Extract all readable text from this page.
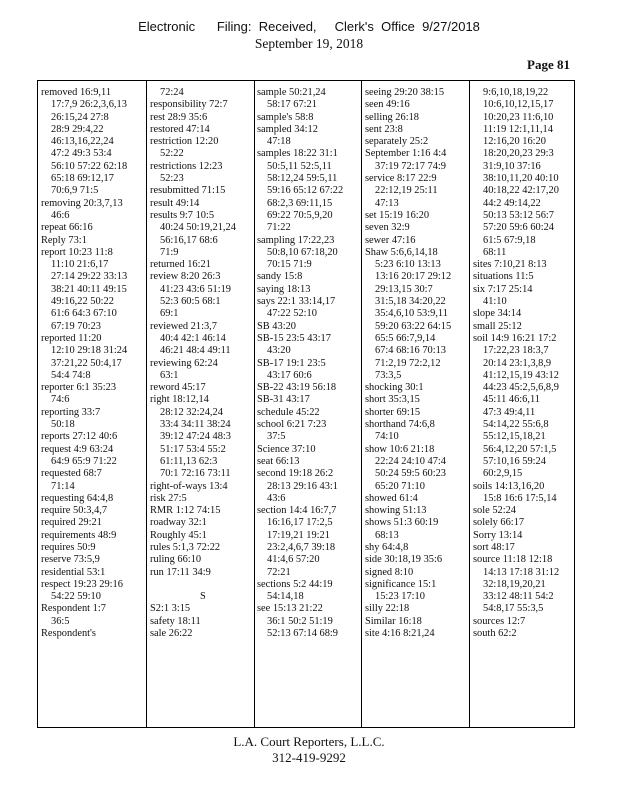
Electronic      Filing:  Received,     Clerk's  Office  9/27/2018
September 19, 2018
Page 81
removed 16:9,11
17:7,9 26:2,3,6,13
26:15,24 27:8
28:9 29:4,22
46:13,16,22,24
47:2 49:3 53:4
56:10 57:22 62:18
65:18 69:12,17
70:6,9 71:5
removing 20:3,7,13
46:6
repeat 66:16
Reply 73:1
report 10:23 11:8
11:10 21:6,17
27:14 29:22 33:13
38:21 40:11 49:15
49:16,22 50:22
61:6 64:3 67:10
67:19 70:23
reported 11:20
12:10 29:18 31:24
37:21,22 50:4,17
54:4 74:8
reporter 6:1 35:23
74:6
reporting 33:7
50:18
reports 27:12 40:6
request 4:9 63:24
64:9 65:9 71:22
requested 68:7
71:14
requesting 64:4,8
require 50:3,4,7
required 29:21
requirements 48:9
requires 50:9
reserve 73:5,9
residential 53:1
respect 19:23 29:16
54:22 59:10
Respondent 1:7
36:5
Respondent's
72:24
responsibility 72:7
rest 28:9 35:6
restored 47:14
restriction 12:20
52:22
restrictions 12:23
52:23
resubmitted 71:15
result 49:14
results 9:7 10:5
40:24 50:19,21,24
56:16,17 68:6
71:9
returned 16:21
review 8:20 26:3
41:23 43:6 51:19
52:3 60:5 68:1
69:1
reviewed 21:3,7
40:4 42:1 46:14
46:21 48:4 49:11
reviewing 62:24
63:1
reword 45:17
right 18:12,14
28:12 32:24,24
33:4 34:11 38:24
39:12 47:24 48:3
51:17 53:4 55:2
61:11,13 62:3
70:1 72:16 73:11
right-of-ways 13:4
risk 27:5
RMR 1:12 74:15
roadway 32:1
Roughly 45:1
rules 5:1,3 72:22
ruling 66:10
run 17:11 34:9
S
S2:1 3:15
safety 18:11
sale 26:22
sample 50:21,24
58:17 67:21
sample's 58:8
sampled 34:12
47:18
samples 18:22 31:1
50:5,11 52:5,11
58:12,24 59:5,11
59:16 65:12 67:22
68:2,3 69:11,15
69:22 70:5,9,20
71:22
sampling 17:22,23
50:8,10 67:18,20
70:15 71:9
sandy 15:8
saying 18:13
says 22:1 33:14,17
47:22 52:10
SB 43:20
SB-15 23:5 43:17
43:20
SB-17 19:1 23:5
43:17 60:6
SB-22 43:19 56:18
SB-31 43:17
schedule 45:22
school 6:21 7:23
37:5
Science 37:10
seat 66:13
second 19:18 26:2
28:13 29:16 43:1
43:6
section 14:4 16:7,7
16:16,17 17:2,5
17:19,21 19:21
23:2,4,6,7 39:18
41:4,6 57:20
72:21
sections 5:2 44:19
54:14,18
see 15:13 21:22
36:1 50:2 51:19
52:13 67:14 68:9
seeing 29:20 38:15
seen 49:16
selling 26:18
sent 23:8
separately 25:2
September 1:16 4:4
37:19 72:17 74:9
service 8:17 22:9
22:12,19 25:11
47:13
set 15:19 16:20
seven 32:9
sewer 47:16
Shaw 5:6,6,14,18
5:23 6:10 13:13
13:16 20:17 29:12
29:13,15 30:7
31:5,18 34:20,22
35:4,6,10 53:9,11
59:20 63:22 64:15
65:5 66:7,9,14
67:4 68:16 70:13
71:2,19 72:2,12
73:3,5
shocking 30:1
short 35:3,15
shorter 69:15
shorthand 74:6,8
74:10
show 10:6 21:18
22:24 24:10 47:4
50:24 59:5 60:23
65:20 71:10
showed 61:4
showing 51:13
shows 51:3 60:19
68:13
shy 64:4,8
side 30:18,19 35:6
signed 8:10
significance 15:1
15:23 17:10
silly 22:18
Similar 16:18
site 4:16 8:21,24
9:6,10,18,19,22
10:6,10,12,15,17
10:20,23 11:6,10
11:19 12:1,11,14
12:16,20 16:20
18:20,20,23 29:3
31:9,10 37:16
38:10,11,20 40:10
40:18,22 42:17,20
44:2 49:14,22
50:13 53:12 56:7
57:20 59:6 60:24
61:5 67:9,18
68:11
sites 7:10,21 8:13
situations 11:5
six 7:17 25:14
41:10
slope 34:14
small 25:12
soil 14:9 16:21 17:2
17:22,23 18:3,7
20:14 23:1,3,8,9
41:12,15,19 43:12
44:23 45:2,5,6,8,9
45:11 46:6,11
47:3 49:4,11
54:14,22 55:6,8
55:12,15,18,21
56:4,12,20 57:1,5
57:10,16 59:24
60:2,9,15
soils 14:13,16,20
15:8 16:6 17:5,14
sole 52:24
solely 66:17
Sorry 13:14
sort 48:17
source 11:18 12:18
14:13 17:18 31:12
32:18,19,20,21
33:12 48:11 54:2
54:8,17 55:3,5
sources 12:7
south 62:2
L.A. Court Reporters, L.L.C.
312-419-9292
